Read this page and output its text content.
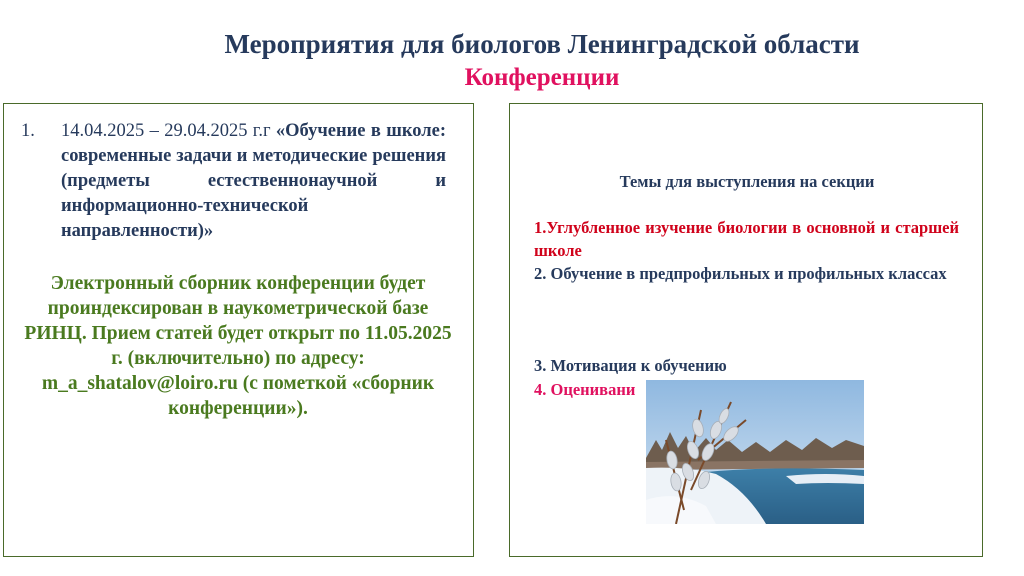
Мероприятия для биологов Ленинградской области
Конференции
1. 14.04.2025 – 29.04.2025 г.г «Обучение в школе: современные задачи и методические решения (предметы естественнонаучной и информационно-технической направленности)»
Электронный сборник конференции будет проиндексирован в наукометрической базе РИНЦ. Прием статей будет открыт по 11.05.2025 г. (включительно) по адресу: m_a_shatalov@loiro.ru (с пометкой «сборник конференции»).
Темы для выступления на секции
1.Углубленное изучение биологии в основной и старшей школе
2. Обучение в предпрофильных и профильных классах
3. Мотивация к обучению
4. Оценивани
